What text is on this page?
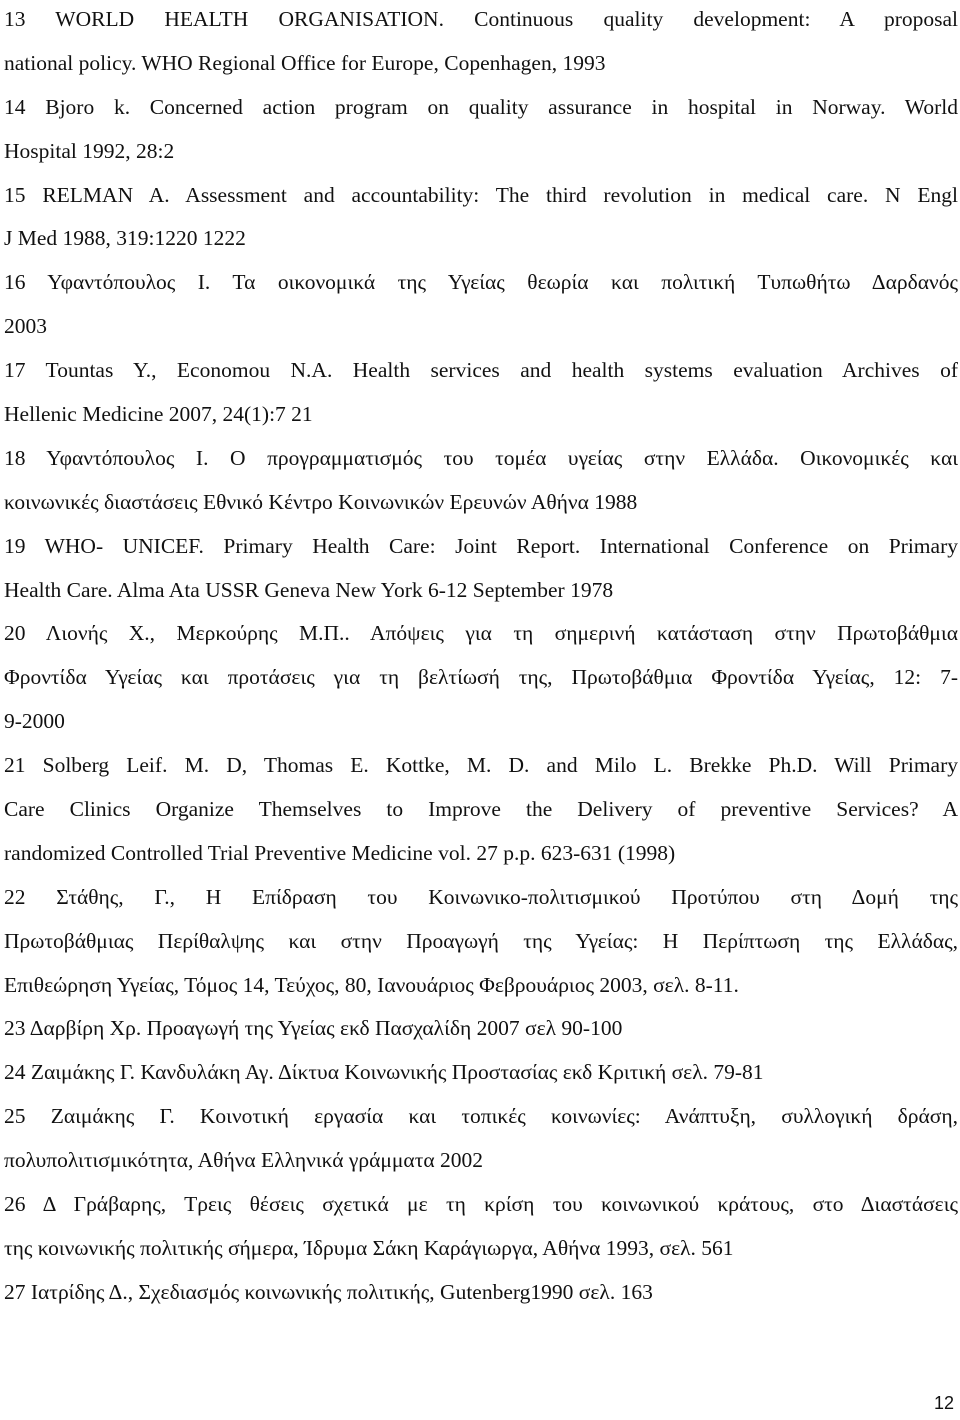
13 WORLD HEALTH ORGANISATION. Continuous quality development: A proposal
national policy. WHO Regional Office for Europe, Copenhagen, 1993
14 Bjoro k. Concerned action program on quality assurance in hospital in Norway. World
Hospital 1992, 28:2
15 RELMAN A. Assessment and accountability: The third revolution in medical care. N Engl
J Med 1988, 319:1220 1222
16 Υφαντόπουλος Ι. Τα οικονομικά της Υγείας θεωρία και πολιτική Τυπωθήτω Δαρδανός
2003
17 Tountas Y., Economou N.A. Health services and health systems evaluation Archives of
Hellenic Medicine 2007, 24(1):7 21
18 Υφαντόπουλος Ι. Ο προγραμματισμός του τομέα υγείας στην Ελλάδα. Οικονομικές και
κοινωνικές διαστάσεις Εθνικό Κέντρο Κοινωνικών Ερευνών Αθήνα 1988
19 WHO- UNICEF. Primary Health Care: Joint Report. International Conference on Primary
Health Care. Alma Ata USSR Geneva New York 6-12 September 1978
20 Λιονής Χ., Μερκούρης Μ.Π.. Απόψεις για τη σημερινή κατάσταση στην Πρωτοβάθμια
Φροντίδα Υγείας και προτάσεις για τη βελτίωσή της, Πρωτοβάθμια Φροντίδα Υγείας, 12: 7-
9-2000
21 Solberg Leif. M. D, Thomas E. Kottke, M. D. and Milo L. Brekke Ph.D. Will Primary
Care Clinics Organize Themselves to Improve the Delivery of preventive Services? A
randomized Controlled Trial Preventive Medicine vol. 27 p.p. 623-631 (1998)
22 Στάθης, Γ., Η Επίδραση του Κοινωνικο-πολιτισμικού Προτύπου στη Δομή της
Πρωτοβάθμιας Περίθαλψης και στην Προαγωγή της Υγείας: Η Περίπτωση της Ελλάδας,
Επιθεώρηση Υγείας, Τόμος 14, Τεύχος, 80, Ιανουάριος Φεβρουάριος 2003, σελ. 8-11.
23 Δαρβίρη Χρ. Προαγωγή της Υγείας εκδ Πασχαλίδη 2007 σελ 90-100
24 Ζαιμάκης Γ. Κανδυλάκη Αγ. Δίκτυα Κοινωνικής Προστασίας εκδ Κριτική σελ. 79-81
25 Ζαιμάκης Γ. Κοινοτική εργασία και τοπικές κοινωνίες: Ανάπτυξη, συλλογική δράση,
πολυπολιτισμικότητα, Αθήνα Ελληνικά γράμματα 2002
26 Δ Γράβαρης, Τρεις θέσεις σχετικά με τη κρίση του κοινωνικού κράτους, στο Διαστάσεις
της κοινωνικής πολιτικής σήμερα, Ίδρυμα Σάκη Καράγιωργα, Αθήνα 1993, σελ. 561
27 Ιατρίδης Δ., Σχεδιασμός κοινωνικής πολιτικής, Gutenberg1990 σελ. 163
12
